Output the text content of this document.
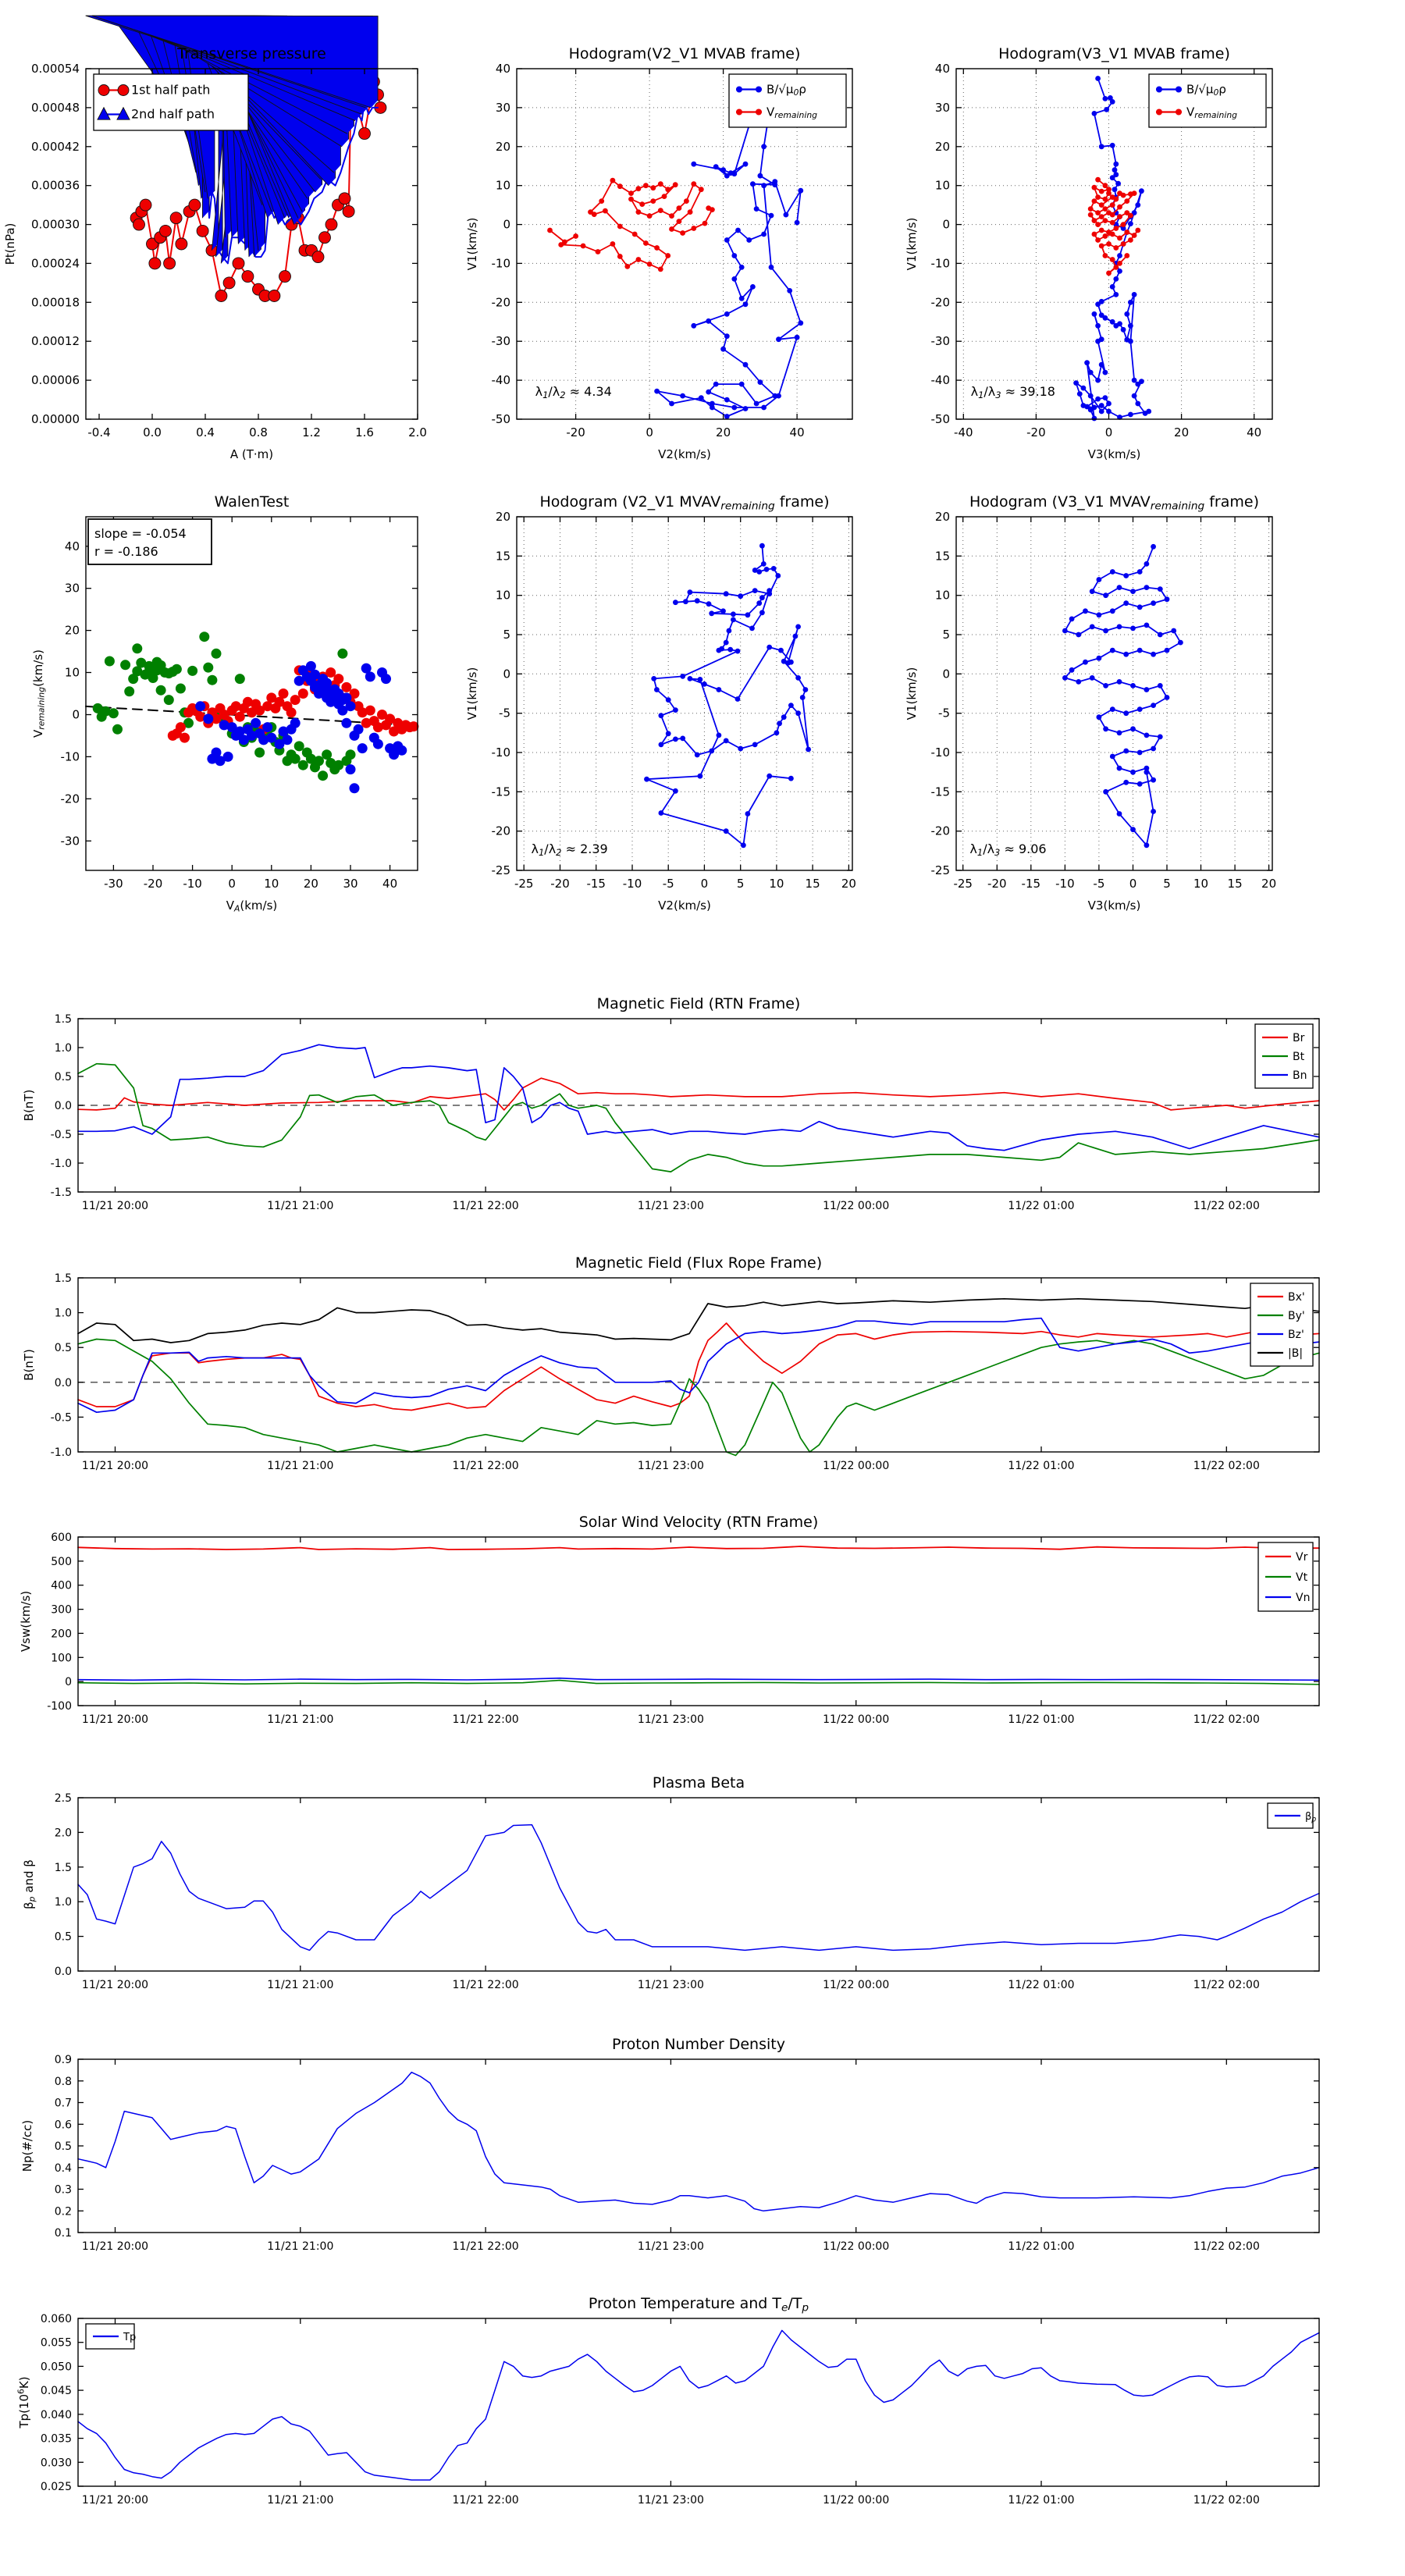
-0.4	0.0	0.4	0.8	1.2	1.6	2.0
0.00000
0.00006
0.00012
0.00018
0.00024
0.00030
0.00036
0.00042
0.00048
0.00054
Transverse pressure
A (T·m)
Pt(nPa)
1st half path
2nd half path
-20	0	20	40
-50
-40
-30
-20
-10
0
10
20
30
40
Hodogram(V2_V1 MVAB frame)
V2(km/s)
V1(km/s)
B/√μ0ρ
Vremaining
λ1/λ2 ≈ 4.34
-40	-20	0	20	40
-50
-40
-30
-20
-10
0
10
20
30
40
Hodogram(V3_V1 MVAB frame)
V3(km/s)
V1(km/s)
B/√μ0ρ
Vremaining
λ1/λ3 ≈ 39.18
-30 -20 -10 0 10 20 30 40
-30
-20
-10
0
10
20
30
40
WalenTest
VA(km/s)
Vremaining(km/s)
slope = -0.054
r = -0.186
-25 -20 -15 -10 -5 0 5 10 15 20
-25
-20
-15
-10
-5
0
5
10
15
20
Hodogram (V2_V1 MVAVremaining frame)
V2(km/s)
V1(km/s)
λ1/λ2 ≈ 2.39
-25 -20 -15 -10 -5 0 5 10 15 20
-25
-20
-15
-10
-5
0
5
10
15
20
Hodogram (V3_V1 MVAVremaining frame)
V3(km/s)
V1(km/s)
λ1/λ3 ≈ 9.06
11/21 20:00	11/21 21:00	11/21 22:00	11/21 23:00	11/22 00:00	11/22 01:00	11/22 02:00
-1.5
-1.0
-0.5
0.0
0.5
1.0
1.5
Magnetic Field (RTN Frame)
B(nT)
Br
Bt
Bn
11/21 20:00	11/21 21:00	11/21 22:00	11/21 23:00	11/22 00:00	11/22 01:00	11/22 02:00
-1.0
-0.5
0.0
0.5
1.0
1.5
Magnetic Field (Flux Rope Frame)
B(nT)
Bx'
By'
Bz'
|B|
11/21 20:00	11/21 21:00	11/21 22:00	11/21 23:00	11/22 00:00	11/22 01:00	11/22 02:00
-100
0
100
200
300
400
500
600
Solar Wind Velocity (RTN Frame)
Vsw(km/s)
Vr
Vt
Vn
11/21 20:00	11/21 21:00	11/21 22:00	11/21 23:00	11/22 00:00	11/22 01:00	11/22 02:00
0.0
0.5
1.0
1.5
2.0
2.5
Plasma Beta
βp and β
βp
11/21 20:00	11/21 21:00	11/21 22:00	11/21 23:00	11/22 00:00	11/22 01:00	11/22 02:00
0.1
0.2
0.3
0.4
0.5
0.6
0.7
0.8
0.9
Proton Number Density
Np(#/cc)
11/21 20:00	11/21 21:00	11/21 22:00	11/21 23:00	11/22 00:00	11/22 01:00	11/22 02:00
0.025
0.030
0.035
0.040
0.045
0.050
0.055
0.060
Proton Temperature and Te/Tp
$Tp(10^6K)$
Tp
